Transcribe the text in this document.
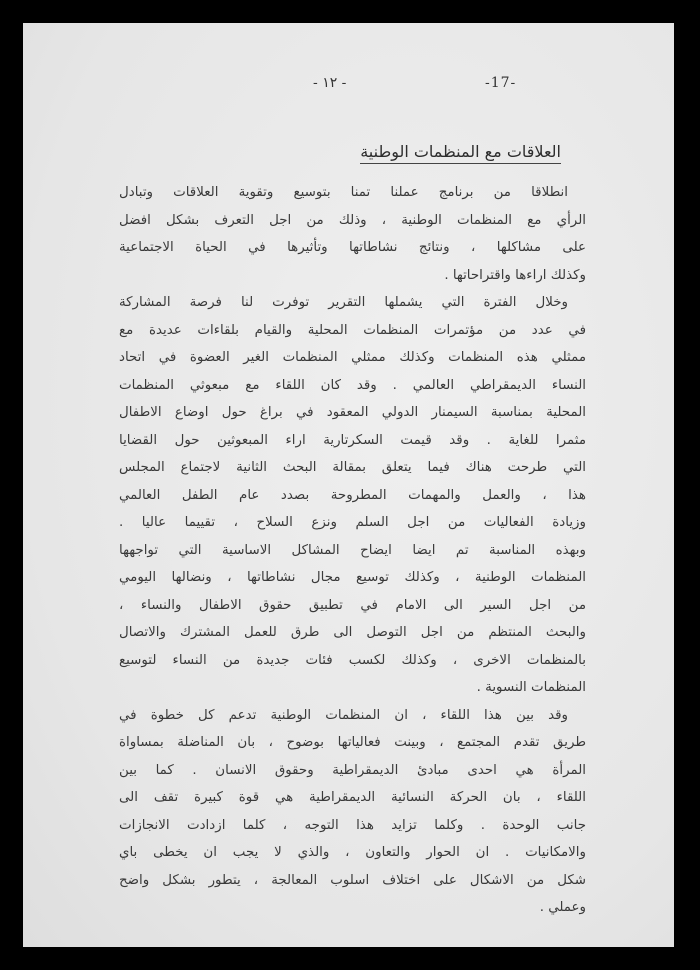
- ١٢ -	-17-
العلاقات مع المنظمات الوطنية
انطلاقا من برنامج عملنا تمنا بتوسيع وتقوية العلاقات وتبادل
الرأي مع المنظمات الوطنية ، وذلك من اجل التعرف بشكل افضل
على مشاكلها ، ونتائج نشاطاتها وتأثيرها في الحياة الاجتماعية
وكذلك اراءها واقتراحاتها .
وخلال الفترة التي يشملها التقرير توفرت لنا فرصة المشاركة
في عدد من مؤتمرات المنظمات المحلية والقيام بلقاءات عديدة مع
ممثلي هذه المنظمات وكذلك ممثلي المنظمات الغير العضوة في اتحاد
النساء الديمقراطي العالمي . وقد كان اللقاء مع مبعوثي المنظمات
المحلية بمناسبة السيمنار الدولي المعقود في براغ حول اوضاع الاطفال
مثمرا للغاية . وقد قيمت السكرتارية اراء المبعوثين حول القضايا
التي طرحت هناك فيما يتعلق بمقالة البحث الثانية لاجتماع المجلس
هذا ، والعمل والمهمات المطروحة بصدد عام الطفل العالمي
وزيادة الفعاليات من اجل السلم ونزع السلاح ، تقييما عاليا .
وبهذه المناسبة تم ايضا ايضاح المشاكل الاساسية التي تواجهها
المنظمات الوطنية ، وكذلك توسيع مجال نشاطاتها ، ونضالها اليومي
من اجل السير الى الامام في تطبيق حقوق الاطفال والنساء ،
والبحث المنتظم من اجل التوصل الى طرق للعمل المشترك والاتصال
بالمنظمات الاخرى ، وكذلك لكسب فئات جديدة من النساء لتوسيع
المنظمات النسوية .
وقد بين هذا اللقاء ، ان المنظمات الوطنية تدعم كل خطوة في
طريق تقدم المجتمع ، وبينت فعالياتها بوضوح ، بان المناضلة بمساواة
المرأة هي احدى مبادئ الديمقراطية وحقوق الانسان . كما بين
اللقاء ، بان الحركة النسائية الديمقراطية هي قوة كبيرة تقف الى
جانب الوحدة . وكلما تزايد هذا التوجه ، كلما ازدادت الانجازات
والامكانيات . ان الحوار والتعاون ، والذي لا يجب ان يخطى باي
شكل من الاشكال على اختلاف اسلوب المعالجة ، يتطور بشكل واضح
وعملي .
